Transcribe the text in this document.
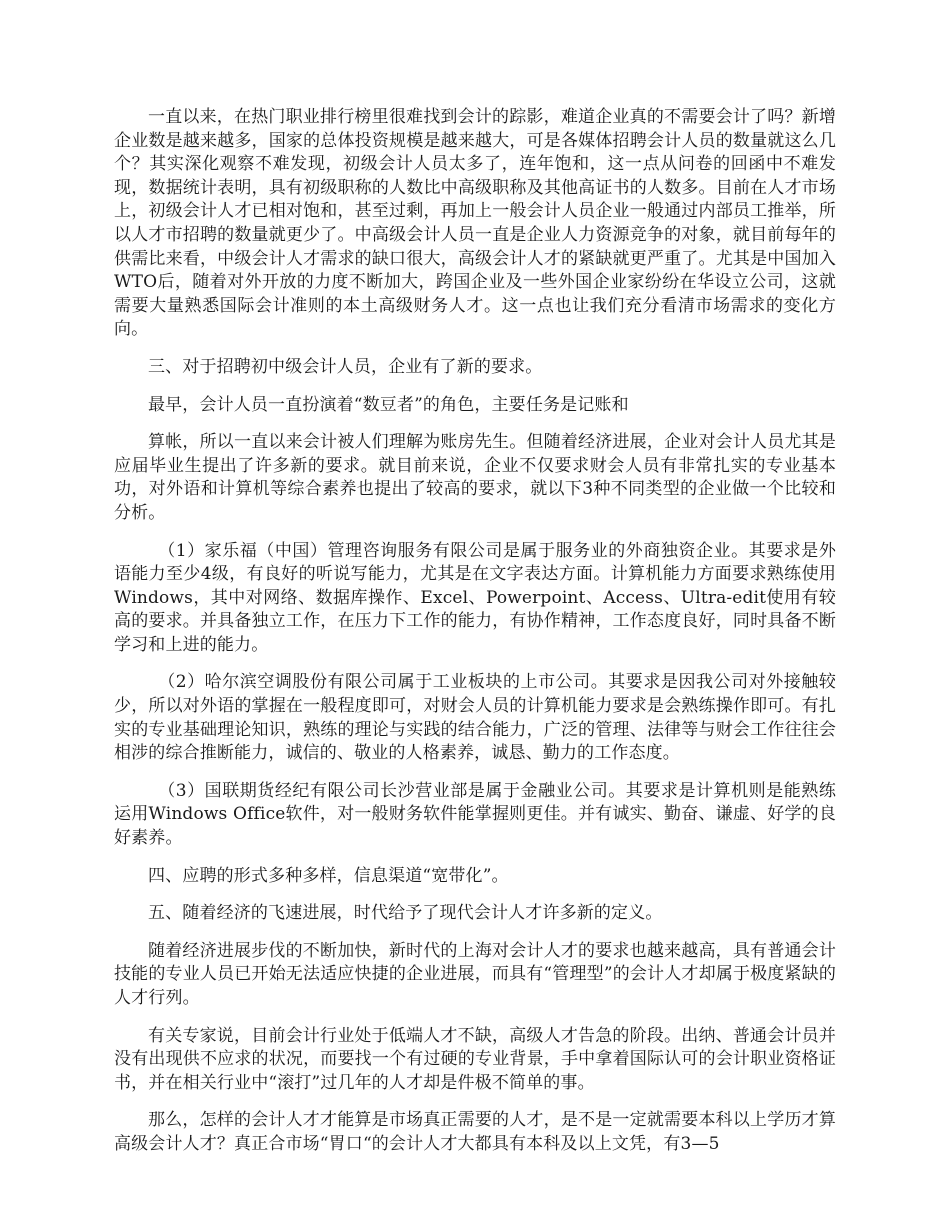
一直以来，在热门职业排行榜里很难找到会计的踪影，难道企业真的不需要会计了吗？新增企业数是越来越多，国家的总体投资规模是越来越大，可是各媒体招聘会计人员的数量就这么几个？其实深化观察不难发现，初级会计人员太多了，连年饱和，这一点从问卷的回函中不难发现，数据统计表明，具有初级职称的人数比中高级职称及其他高证书的人数多。目前在人才市场上，初级会计人才已相对饱和，甚至过剩，再加上一般会计人员企业一般通过内部员工推举，所以人才市招聘的数量就更少了。中高级会计人员一直是企业人力资源竞争的对象，就目前每年的供需比来看，中级会计人才需求的缺口很大，高级会计人才的紧缺就更严重了。尤其是中国加入WTO后，随着对外开放的力度不断加大，跨国企业及一些外国企业家纷纷在华设立公司，这就需要大量熟悉国际会计准则的本土高级财务人才。这一点也让我们充分看清市场需求的变化方向。

三、对于招聘初中级会计人员，企业有了新的要求。

最早，会计人员一直扮演着“数豆者”的角色，主要任务是记账和

算帐，所以一直以来会计被人们理解为账房先生。但随着经济进展，企业对会计人员尤其是应届毕业生提出了许多新的要求。就目前来说，企业不仅要求财会人员有非常扎实的专业基本功，对外语和计算机等综合素养也提出了较高的要求，就以下3种不同类型的企业做一个比较和分析。

（1）家乐福（中国）管理咨询服务有限公司是属于服务业的外商独资企业。其要求是外语能力至少4级，有良好的听说写能力，尤其是在文字表达方面。计算机能力方面要求熟练使用Windows，其中对网络、数据库操作、Excel、Powerpoint、Access、Ultra-edit使用有较高的要求。并具备独立工作，在压力下工作的能力，有协作精神，工作态度良好，同时具备不断学习和上进的能力。

（2）哈尔滨空调股份有限公司属于工业板块的上市公司。其要求是因我公司对外接触较少，所以对外语的掌握在一般程度即可，对财会人员的计算机能力要求是会熟练操作即可。有扎实的专业基础理论知识，熟练的理论与实践的结合能力，广泛的管理、法律等与财会工作往往会相涉的综合推断能力，诚信的、敬业的人格素养，诚恳、勤力的工作态度。

（3）国联期货经纪有限公司长沙营业部是属于金融业公司。其要求是计算机则是能熟练运用Windows Office软件，对一般财务软件能掌握则更佳。并有诚实、勤奋、谦虚、好学的良好素养。

四、应聘的形式多种多样，信息渠道“宽带化”。

五、随着经济的飞速进展，时代给予了现代会计人才许多新的定义。

随着经济进展步伐的不断加快，新时代的上海对会计人才的要求也越来越高，具有普通会计技能的专业人员已开始无法适应快捷的企业进展，而具有“管理型”的会计人才却属于极度紧缺的人才行列。

有关专家说，目前会计行业处于低端人才不缺，高级人才告急的阶段。出纳、普通会计员并没有出现供不应求的状况，而要找一个有过硬的专业背景，手中拿着国际认可的会计职业资格证书，并在相关行业中“滚打”过几年的人才却是件极不简单的事。

那么，怎样的会计人才才能算是市场真正需要的人才，是不是一定就需要本科以上学历才算高级会计人才？真正合市场“胃口“的会计人才大都具有本科及以上文凭，有3—5
